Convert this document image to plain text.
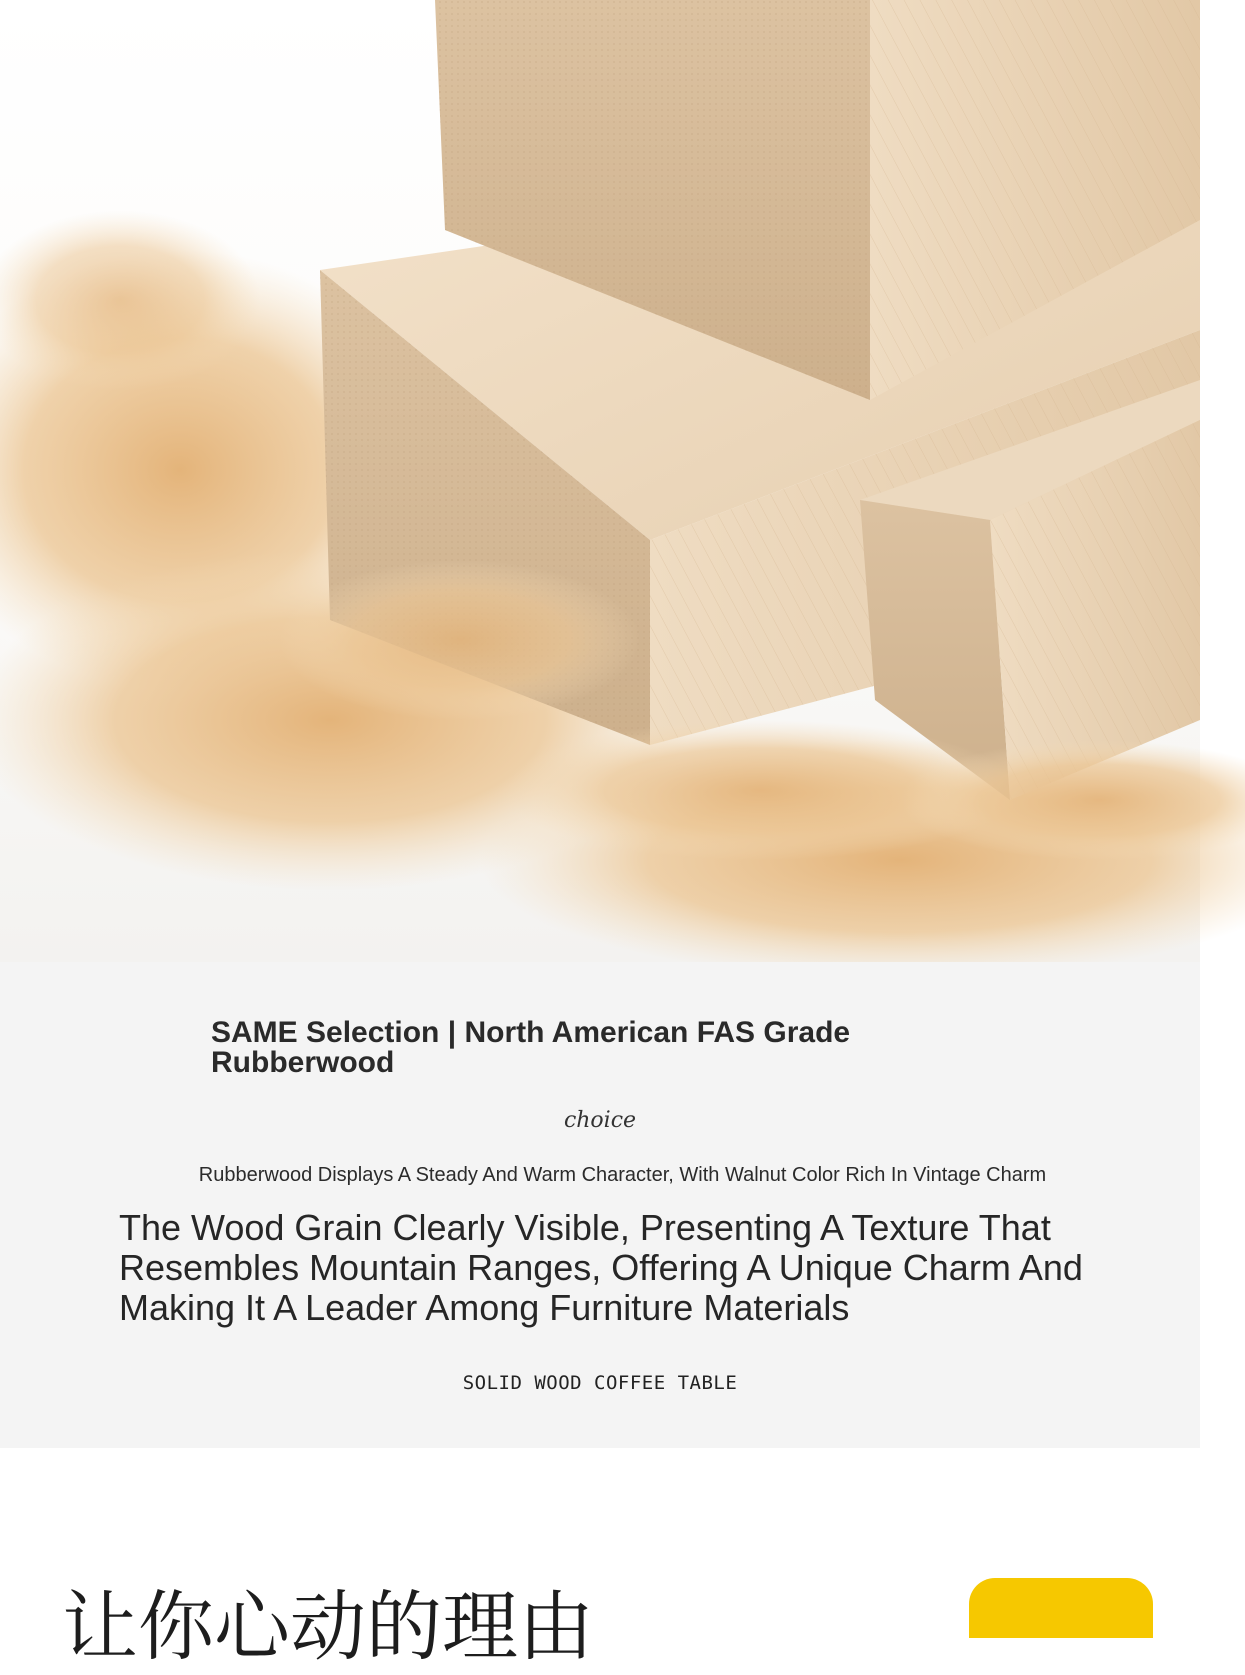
SAME Selection | North American FAS Grade Rubberwood
choice
Rubberwood Displays A Steady And Warm Character, With Walnut Color Rich In Vintage Charm
The Wood Grain Clearly Visible, Presenting A Texture That Resembles Mountain Ranges, Offering A Unique Charm And Making It A Leader Among Furniture Materials
SOLID WOOD COFFEE TABLE
让你心动的理由
